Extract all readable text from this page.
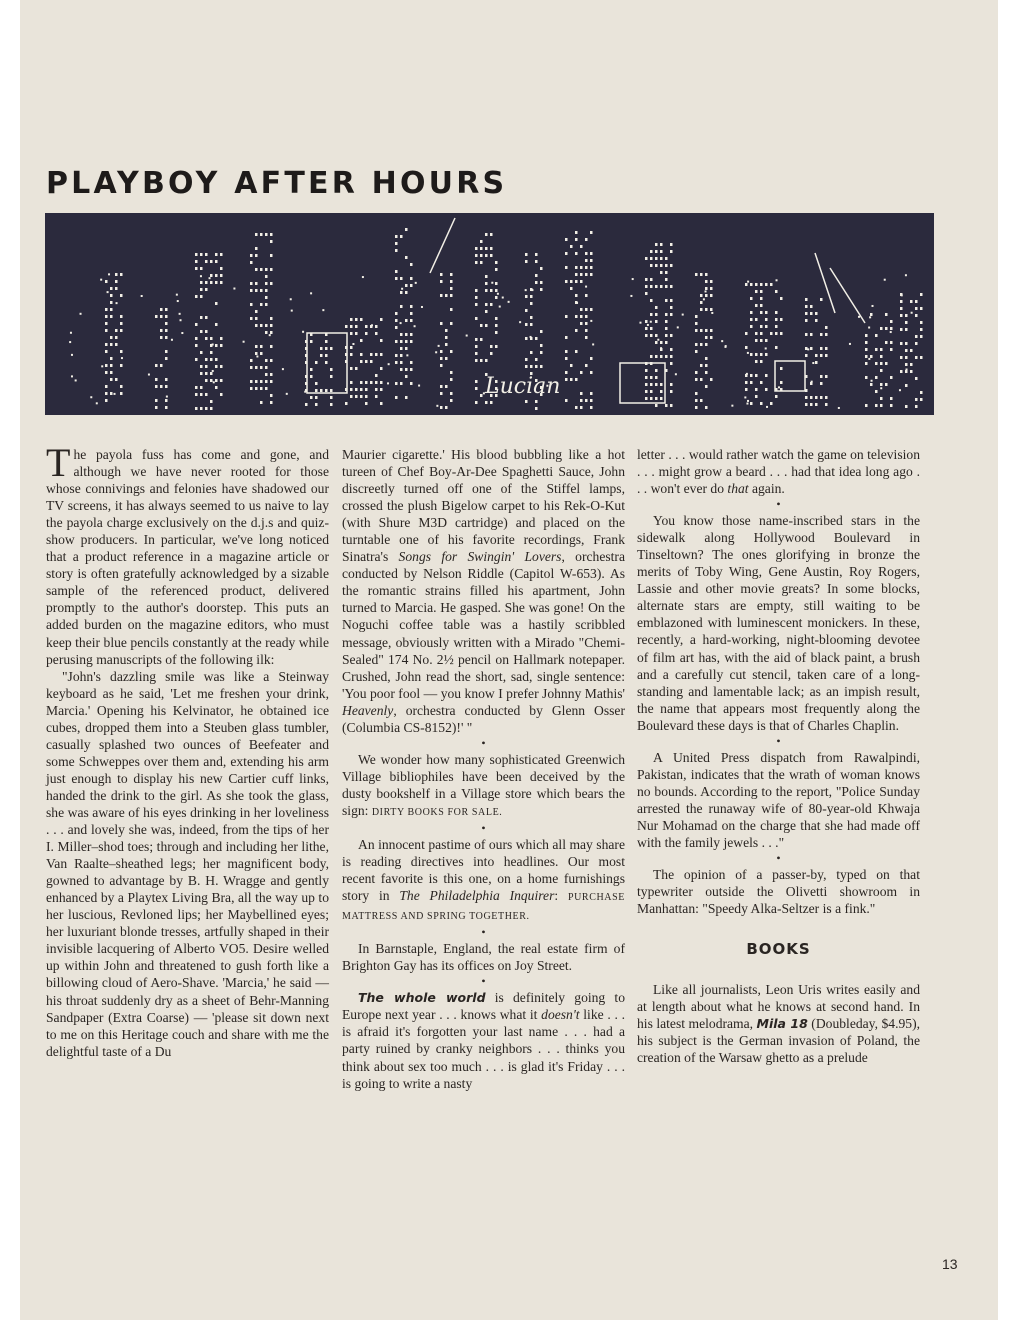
PLAYBOY AFTER HOURS
Lucian

The payola fuss has come and gone, and although we have never rooted for those whose connivings and felonies have shadowed our TV screens, it has always seemed to us naive to lay the payola charge exclusively on the d.j.s and quiz-show producers. In particular, we've long noticed that a product reference in a magazine article or story is often gratefully acknowledged by a sizable sample of the referenced product, delivered promptly to the author's doorstep. This puts an added burden on the magazine editors, who must keep their blue pencils constantly at the ready while perusing manuscripts of the following ilk:

"John's dazzling smile was like a Steinway keyboard as he said, 'Let me freshen your drink, Marcia.' Opening his Kelvinator, he obtained ice cubes, dropped them into a Steuben glass tumbler, casually splashed two ounces of Beefeater and some Schweppes over them and, extending his arm just enough to display his new Cartier cuff links, handed the drink to the girl. As she took the glass, she was aware of his eyes drinking in her loveliness . . . and lovely she was, indeed, from the tips of her I. Miller–shod toes; through and including her lithe, Van Raalte–sheathed legs; her magnificent body, gowned to advantage by B. H. Wragge and gently enhanced by a Playtex Living Bra, all the way up to her luscious, Revloned lips; her Maybellined eyes; her luxuriant blonde tresses, artfully shaped in their invisible lacquering of Alberto VO5. Desire welled up within John and threatened to gush forth like a billowing cloud of Aero-Shave. 'Marcia,' he said — his throat suddenly dry as a sheet of Behr-Manning Sandpaper (Extra Coarse) — 'please sit down next to me on this Heritage couch and share with me the delightful taste of a Du

Maurier cigarette.' His blood bubbling like a hot tureen of Chef Boy-Ar-Dee Spaghetti Sauce, John discreetly turned off one of the Stiffel lamps, crossed the plush Bigelow carpet to his Rek-O-Kut (with Shure M3D cartridge) and placed on the turntable one of his favorite recordings, Frank Sinatra's Songs for Swingin' Lovers, orchestra conducted by Nelson Riddle (Capitol W-653). As the romantic strains filled his apartment, John turned to Marcia. He gasped. She was gone! On the Noguchi coffee table was a hastily scribbled message, obviously written with a Mirado "Chemi-Sealed" 174 No. 2½ pencil on Hallmark notepaper. Crushed, John read the short, sad, single sentence: 'You poor fool — you know I prefer Johnny Mathis' Heavenly, orchestra conducted by Glenn Osser (Columbia CS-8152)!' "

•

We wonder how many sophisticated Greenwich Village bibliophiles have been deceived by the dusty bookshelf in a Village store which bears the sign: DIRTY BOOKS FOR SALE.

•

An innocent pastime of ours which all may share is reading directives into headlines. Our most recent favorite is this one, on a home furnishings story in The Philadelphia Inquirer: PURCHASE MATTRESS AND SPRING TOGETHER.

•

In Barnstaple, England, the real estate firm of Brighton Gay has its offices on Joy Street.

•

The whole world is definitely going to Europe next year . . . knows what it doesn't like . . . is afraid it's forgotten your last name . . . had a party ruined by cranky neighbors . . . thinks you think about sex too much . . . is glad it's Friday . . . is going to write a nasty

letter . . . would rather watch the game on television . . . might grow a beard . . . had that idea long ago . . . won't ever do that again.

•

You know those name-inscribed stars in the sidewalk along Hollywood Boulevard in Tinseltown? The ones glorifying in bronze the merits of Toby Wing, Gene Austin, Roy Rogers, Lassie and other movie greats? In some blocks, alternate stars are empty, still waiting to be emblazoned with luminescent monickers. In these, recently, a hard-working, night-blooming devotee of film art has, with the aid of black paint, a brush and a carefully cut stencil, taken care of a long-standing and lamentable lack; as an impish result, the name that appears most frequently along the Boulevard these days is that of Charles Chaplin.

•

A United Press dispatch from Rawalpindi, Pakistan, indicates that the wrath of woman knows no bounds. According to the report, "Police Sunday arrested the runaway wife of 80-year-old Khwaja Nur Mohamad on the charge that she had made off with the family jewels . . ."

•

The opinion of a passer-by, typed on that typewriter outside the Olivetti showroom in Manhattan: "Speedy Alka-Seltzer is a fink."

BOOKS

Like all journalists, Leon Uris writes easily and at length about what he knows at second hand. In his latest melodrama, Mila 18 (Doubleday, $4.95), his subject is the German invasion of Poland, the creation of the Warsaw ghetto as a prelude

13
